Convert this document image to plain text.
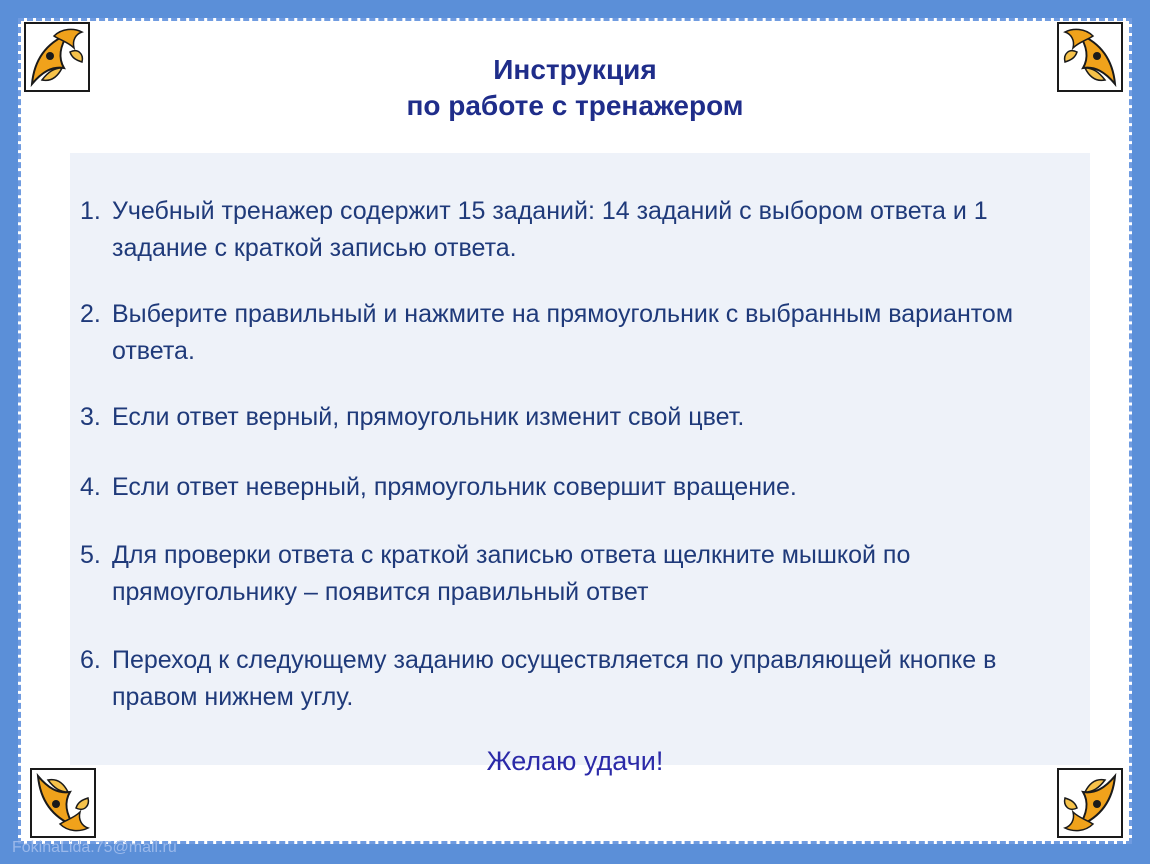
Инструкция
по работе с тренажером
1. Учебный тренажер содержит 15 заданий: 14 заданий с выбором ответа и 1 задание с краткой записью ответа.
2. Выберите правильный и нажмите на прямоугольник с выбранным вариантом ответа.
3. Если ответ верный, прямоугольник изменит свой цвет.
4. Если ответ неверный, прямоугольник совершит вращение.
5. Для проверки ответа с краткой записью ответа щелкните мышкой по прямоугольнику – появится правильный ответ
6. Переход к следующему заданию осуществляется по управляющей кнопке в правом нижнем углу.
Желаю удачи!
FokinaLida.75@mail.ru
